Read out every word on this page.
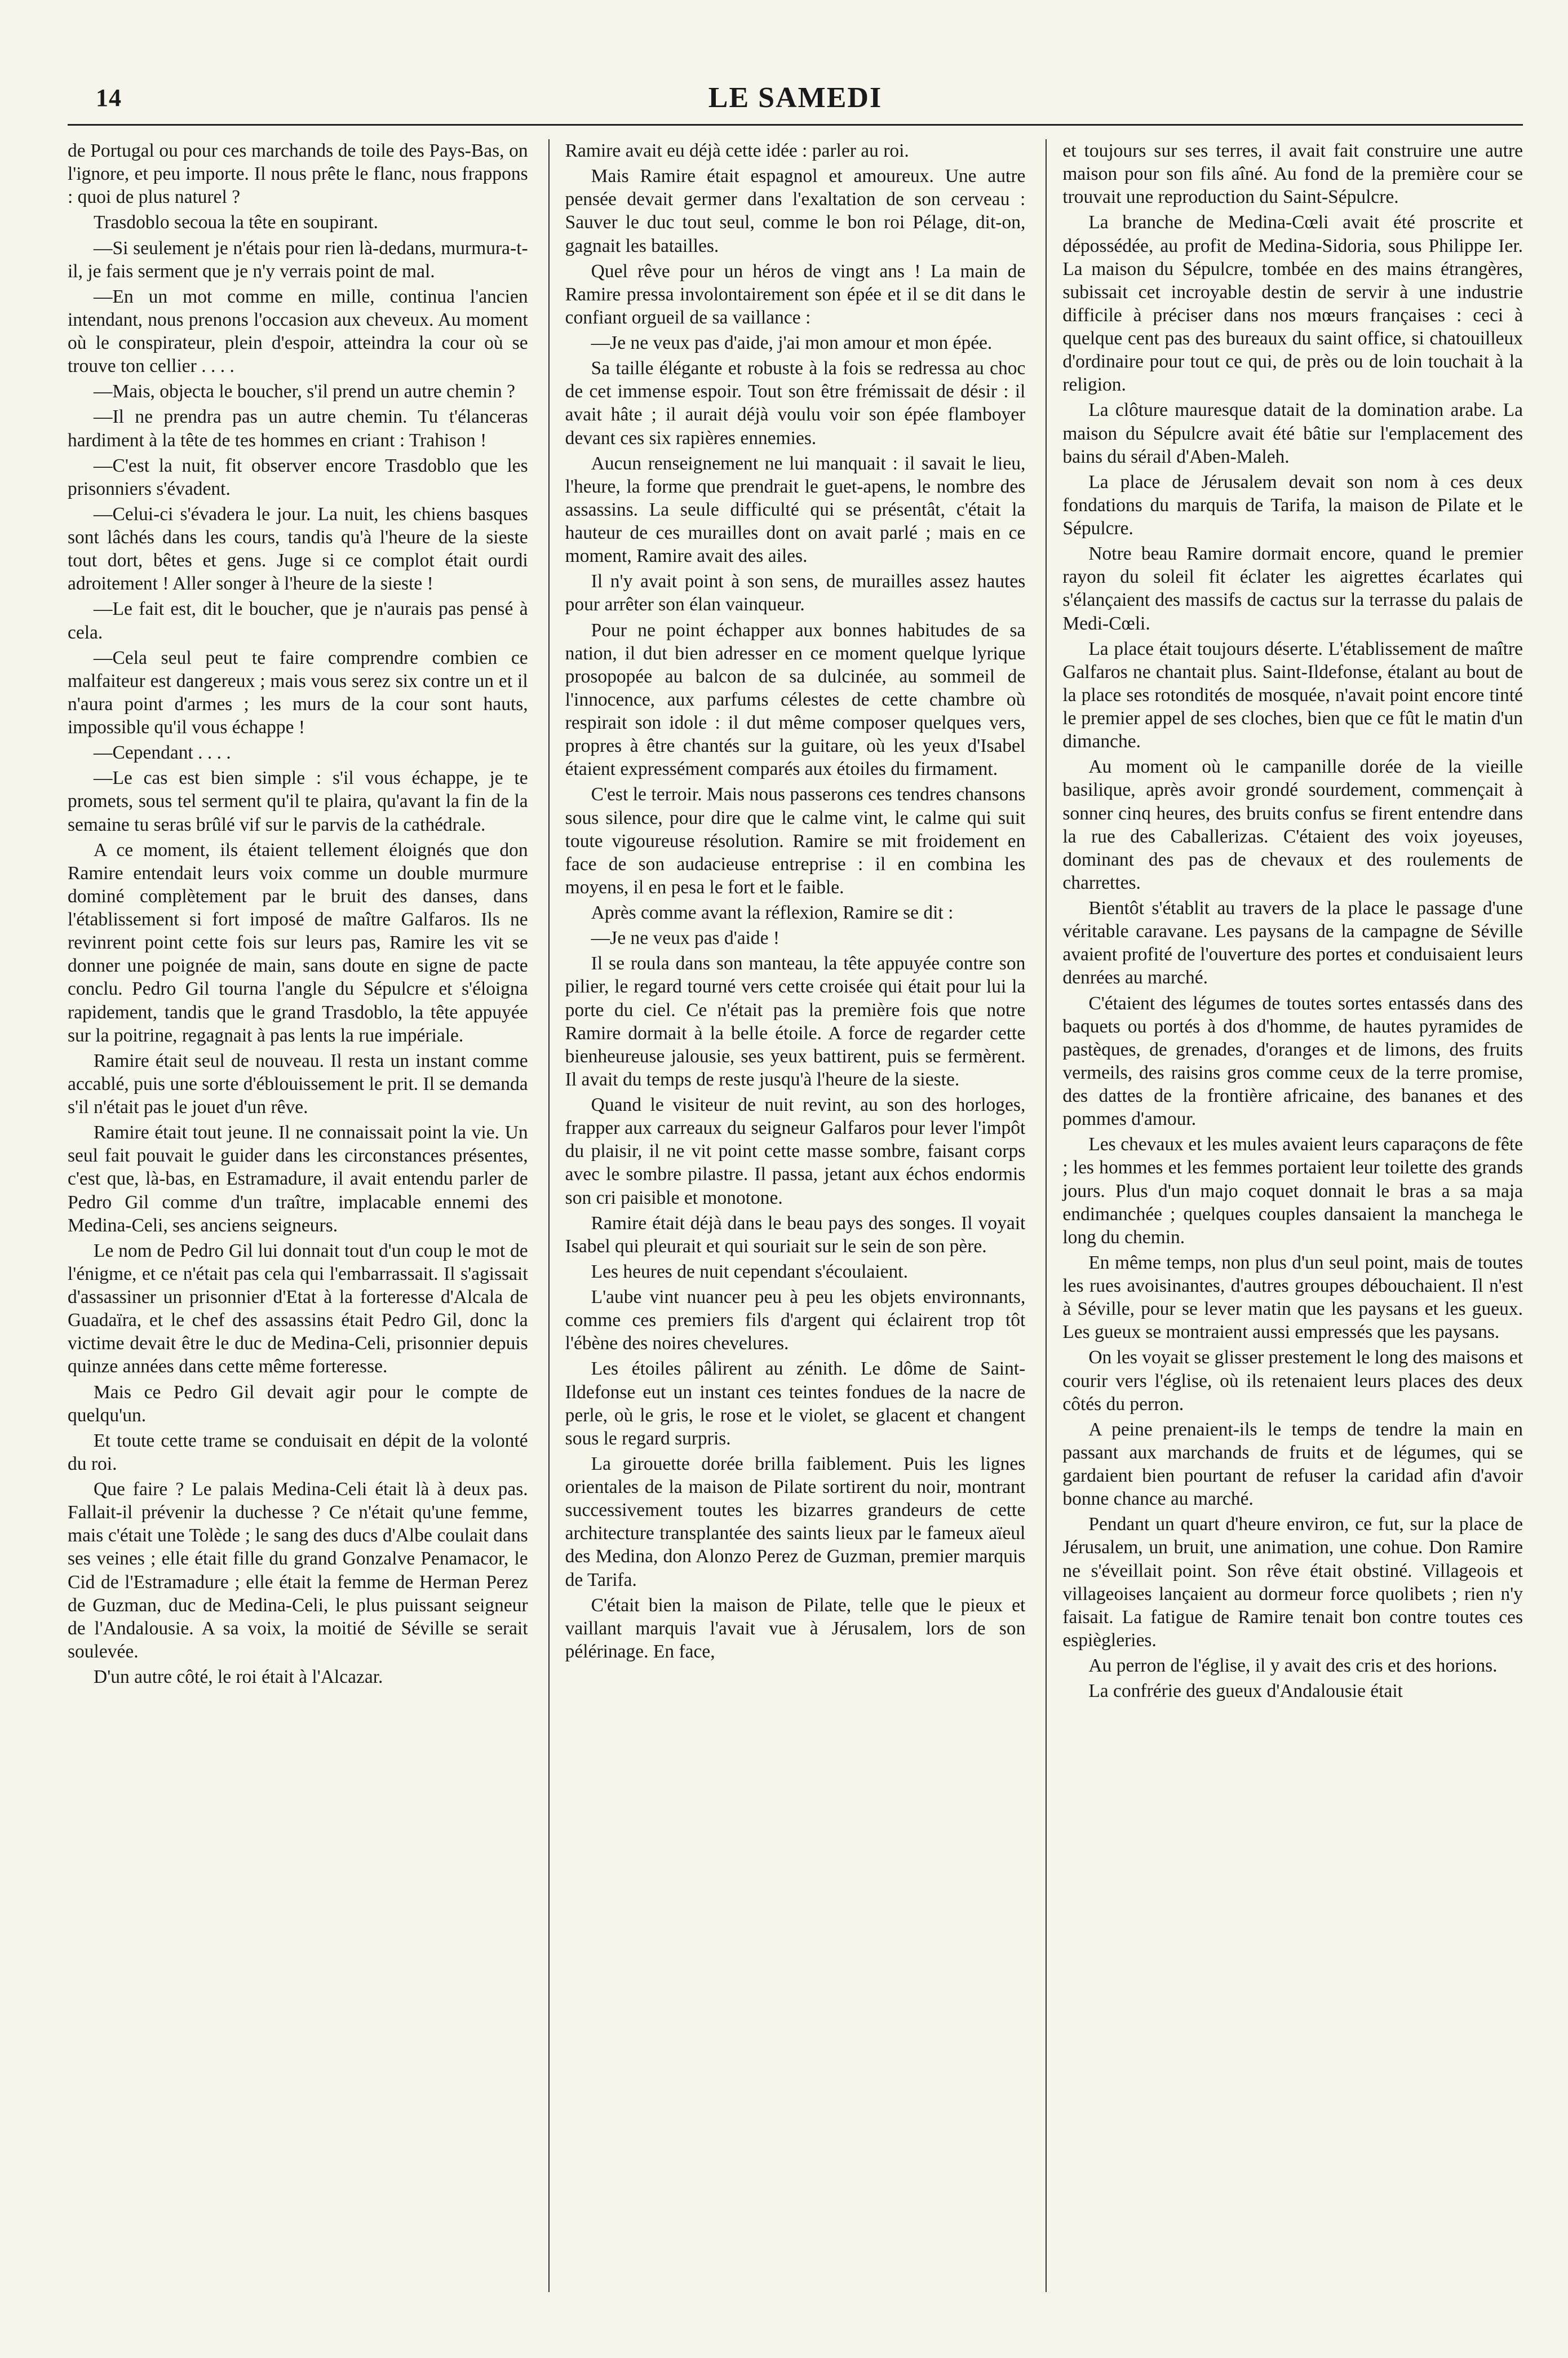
14	LE SAMEDI

de Portugal ou pour ces marchands de toile des Pays-Bas, on l'ignore, et peu importe. Il nous prête le flanc, nous frappons : quoi de plus naturel ?

Trasdoblo secoua la tête en soupirant.

—Si seulement je n'étais pour rien là-dedans, murmura-t-il, je fais serment que je n'y verrais point de mal.

—En un mot comme en mille, continua l'ancien intendant, nous prenons l'occasion aux cheveux. Au moment où le conspirateur, plein d'espoir, atteindra la cour où se trouve ton cellier . . . .

—Mais, objecta le boucher, s'il prend un autre chemin ?

—Il ne prendra pas un autre chemin. Tu t'élanceras hardiment à la tête de tes hommes en criant : Trahison !

—C'est la nuit, fit observer encore Trasdoblo que les prisonniers s'évadent.

—Celui-ci s'évadera le jour. La nuit, les chiens basques sont lâchés dans les cours, tandis qu'à l'heure de la sieste tout dort, bêtes et gens. Juge si ce complot était ourdi adroitement ! Aller songer à l'heure de la sieste !

—Le fait est, dit le boucher, que je n'aurais pas pensé à cela.

—Cela seul peut te faire comprendre combien ce malfaiteur est dangereux ; mais vous serez six contre un et il n'aura point d'armes ; les murs de la cour sont hauts, impossible qu'il vous échappe !

—Cependant . . . .

—Le cas est bien simple : s'il vous échappe, je te promets, sous tel serment qu'il te plaira, qu'avant la fin de la semaine tu seras brûlé vif sur le parvis de la cathédrale.

A ce moment, ils étaient tellement éloignés que don Ramire entendait leurs voix comme un double murmure dominé complètement par le bruit des danses, dans l'établissement si fort imposé de maître Galfaros. Ils ne revinrent point cette fois sur leurs pas, Ramire les vit se donner une poignée de main, sans doute en signe de pacte conclu. Pedro Gil tourna l'angle du Sépulcre et s'éloigna rapidement, tandis que le grand Trasdoblo, la tête appuyée sur la poitrine, regagnait à pas lents la rue impériale.

Ramire était seul de nouveau. Il resta un instant comme accablé, puis une sorte d'éblouissement le prit. Il se demanda s'il n'était pas le jouet d'un rêve.

Ramire était tout jeune. Il ne connaissait point la vie. Un seul fait pouvait le guider dans les circonstances présentes, c'est que, là-bas, en Estramadure, il avait entendu parler de Pedro Gil comme d'un traître, implacable ennemi des Medina-Celi, ses anciens seigneurs.

Le nom de Pedro Gil lui donnait tout d'un coup le mot de l'énigme, et ce n'était pas cela qui l'embarrassait. Il s'agissait d'assassiner un prisonnier d'Etat à la forteresse d'Alcala de Guadaïra, et le chef des assassins était Pedro Gil, donc la victime devait être le duc de Medina-Celi, prisonnier depuis quinze années dans cette même forteresse.

Mais ce Pedro Gil devait agir pour le compte de quelqu'un.

Et toute cette trame se conduisait en dépit de la volonté du roi.

Que faire ? Le palais Medina-Celi était là à deux pas. Fallait-il prévenir la duchesse ? Ce n'était qu'une femme, mais c'était une Tolède ; le sang des ducs d'Albe coulait dans ses veines ; elle était fille du grand Gonzalve Penamacor, le Cid de l'Estramadure ; elle était la femme de Herman Perez de Guzman, duc de Medina-Celi, le plus puissant seigneur de l'Andalousie. A sa voix, la moitié de Séville se serait soulevée.

D'un autre côté, le roi était à l'Alcazar.

Ramire avait eu déjà cette idée : parler au roi.

Mais Ramire était espagnol et amoureux. Une autre pensée devait germer dans l'exaltation de son cerveau : Sauver le duc tout seul, comme le bon roi Pélage, dit-on, gagnait les batailles.

Quel rêve pour un héros de vingt ans ! La main de Ramire pressa involontairement son épée et il se dit dans le confiant orgueil de sa vaillance :

—Je ne veux pas d'aide, j'ai mon amour et mon épée.

Sa taille élégante et robuste à la fois se redressa au choc de cet immense espoir. Tout son être frémissait de désir : il avait hâte ; il aurait déjà voulu voir son épée flamboyer devant ces six rapières ennemies.

Aucun renseignement ne lui manquait : il savait le lieu, l'heure, la forme que prendrait le guet-apens, le nombre des assassins. La seule difficulté qui se présentât, c'était la hauteur de ces murailles dont on avait parlé ; mais en ce moment, Ramire avait des ailes.

Il n'y avait point à son sens, de murailles assez hautes pour arrêter son élan vainqueur.

Pour ne point échapper aux bonnes habitudes de sa nation, il dut bien adresser en ce moment quelque lyrique prosopopée au balcon de sa dulcinée, au sommeil de l'innocence, aux parfums célestes de cette chambre où respirait son idole : il dut même composer quelques vers, propres à être chantés sur la guitare, où les yeux d'Isabel étaient expressément comparés aux étoiles du firmament.

C'est le terroir. Mais nous passerons ces tendres chansons sous silence, pour dire que le calme vint, le calme qui suit toute vigoureuse résolution. Ramire se mit froidement en face de son audacieuse entreprise : il en combina les moyens, il en pesa le fort et le faible.

Après comme avant la réflexion, Ramire se dit :

—Je ne veux pas d'aide !

Il se roula dans son manteau, la tête appuyée contre son pilier, le regard tourné vers cette croisée qui était pour lui la porte du ciel. Ce n'était pas la première fois que notre Ramire dormait à la belle étoile. A force de regarder cette bienheureuse jalousie, ses yeux battirent, puis se fermèrent. Il avait du temps de reste jusqu'à l'heure de la sieste.

Quand le visiteur de nuit revint, au son des horloges, frapper aux carreaux du seigneur Galfaros pour lever l'impôt du plaisir, il ne vit point cette masse sombre, faisant corps avec le sombre pilastre. Il passa, jetant aux échos endormis son cri paisible et monotone.

Ramire était déjà dans le beau pays des songes. Il voyait Isabel qui pleurait et qui souriait sur le sein de son père.

Les heures de nuit cependant s'écoulaient.

L'aube vint nuancer peu à peu les objets environnants, comme ces premiers fils d'argent qui éclairent trop tôt l'ébène des noires chevelures.

Les étoiles pâlirent au zénith. Le dôme de Saint-Ildefonse eut un instant ces teintes fondues de la nacre de perle, où le gris, le rose et le violet, se glacent et changent sous le regard surpris.

La girouette dorée brilla faiblement. Puis les lignes orientales de la maison de Pilate sortirent du noir, montrant successivement toutes les bizarres grandeurs de cette architecture transplantée des saints lieux par le fameux aïeul des Medina, don Alonzo Perez de Guzman, premier marquis de Tarifa.

C'était bien la maison de Pilate, telle que le pieux et vaillant marquis l'avait vue à Jérusalem, lors de son pélérinage. En face,

et toujours sur ses terres, il avait fait construire une autre maison pour son fils aîné. Au fond de la première cour se trouvait une reproduction du Saint-Sépulcre.

La branche de Medina-Cœli avait été proscrite et dépossédée, au profit de Medina-Sidoria, sous Philippe Ier. La maison du Sépulcre, tombée en des mains étrangères, subissait cet incroyable destin de servir à une industrie difficile à préciser dans nos mœurs françaises : ceci à quelque cent pas des bureaux du saint office, si chatouilleux d'ordinaire pour tout ce qui, de près ou de loin touchait à la religion.

La clôture mauresque datait de la domination arabe. La maison du Sépulcre avait été bâtie sur l'emplacement des bains du sérail d'Aben-Maleh.

La place de Jérusalem devait son nom à ces deux fondations du marquis de Tarifa, la maison de Pilate et le Sépulcre.

Notre beau Ramire dormait encore, quand le premier rayon du soleil fit éclater les aigrettes écarlates qui s'élançaient des massifs de cactus sur la terrasse du palais de Medi-Cœli.

La place était toujours déserte. L'établissement de maître Galfaros ne chantait plus. Saint-Ildefonse, étalant au bout de la place ses rotondités de mosquée, n'avait point encore tinté le premier appel de ses cloches, bien que ce fût le matin d'un dimanche.

Au moment où le campanille dorée de la vieille basilique, après avoir grondé sourdement, commençait à sonner cinq heures, des bruits confus se firent entendre dans la rue des Caballerizas. C'étaient des voix joyeuses, dominant des pas de chevaux et des roulements de charrettes.

Bientôt s'établit au travers de la place le passage d'une véritable caravane. Les paysans de la campagne de Séville avaient profité de l'ouverture des portes et conduisaient leurs denrées au marché.

C'étaient des légumes de toutes sortes entassés dans des baquets ou portés à dos d'homme, de hautes pyramides de pastèques, de grenades, d'oranges et de limons, des fruits vermeils, des raisins gros comme ceux de la terre promise, des dattes de la frontière africaine, des bananes et des pommes d'amour.

Les chevaux et les mules avaient leurs caparaçons de fête ; les hommes et les femmes portaient leur toilette des grands jours. Plus d'un majo coquet donnait le bras a sa maja endimanchée ; quelques couples dansaient la manchega le long du chemin.

En même temps, non plus d'un seul point, mais de toutes les rues avoisinantes, d'autres groupes débouchaient. Il n'est à Séville, pour se lever matin que les paysans et les gueux. Les gueux se montraient aussi empressés que les paysans.

On les voyait se glisser prestement le long des maisons et courir vers l'église, où ils retenaient leurs places des deux côtés du perron.

A peine prenaient-ils le temps de tendre la main en passant aux marchands de fruits et de légumes, qui se gardaient bien pourtant de refuser la caridad afin d'avoir bonne chance au marché.

Pendant un quart d'heure environ, ce fut, sur la place de Jérusalem, un bruit, une animation, une cohue. Don Ramire ne s'éveillait point. Son rêve était obstiné. Villageois et villageoises lançaient au dormeur force quolibets ; rien n'y faisait. La fatigue de Ramire tenait bon contre toutes ces espiègleries.

Au perron de l'église, il y avait des cris et des horions.

La confrérie des gueux d'Andalousie était
